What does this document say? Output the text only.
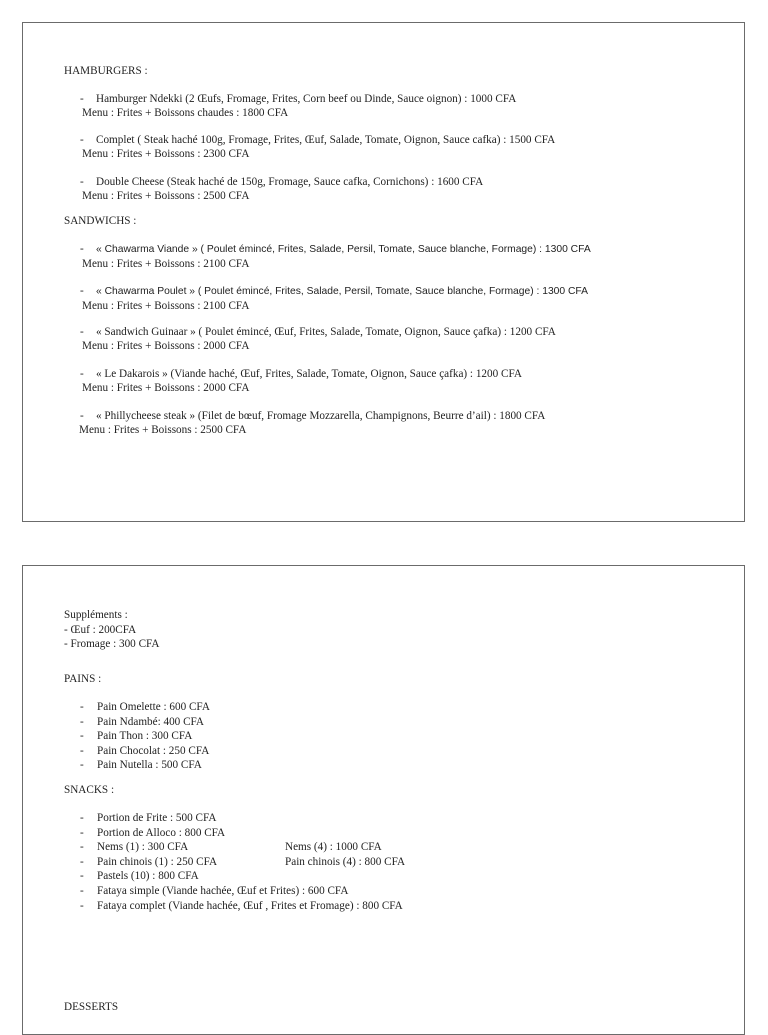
HAMBURGERS :
- Hamburger Ndekki (2 Œufs, Fromage, Frites, Corn beef ou Dinde, Sauce oignon) : 1000 CFA
Menu : Frites + Boissons chaudes : 1800 CFA
- Complet ( Steak haché 100g, Fromage, Frites, Œuf, Salade, Tomate, Oignon, Sauce cafka) : 1500 CFA
Menu : Frites + Boissons : 2300 CFA
- Double Cheese (Steak haché de 150g, Fromage, Sauce cafka, Cornichons) : 1600 CFA
Menu : Frites + Boissons : 2500 CFA
SANDWICHS :
- « Chawarma Viande » ( Poulet émincé, Frites, Salade, Persil, Tomate, Sauce blanche, Formage) : 1300 CFA
Menu : Frites + Boissons : 2100 CFA
- « Chawarma Poulet » ( Poulet émincé, Frites, Salade, Persil, Tomate, Sauce blanche, Formage) : 1300 CFA
Menu : Frites + Boissons : 2100 CFA
- « Sandwich Guinaar » ( Poulet émincé, Œuf, Frites, Salade, Tomate, Oignon, Sauce çafka) : 1200 CFA
Menu : Frites + Boissons : 2000 CFA
- « Le Dakarois » (Viande haché, Œuf, Frites, Salade, Tomate, Oignon, Sauce çafka) : 1200 CFA
Menu : Frites + Boissons : 2000 CFA
- « Phillycheese steak » (Filet de bœuf, Fromage Mozzarella, Champignons, Beurre d’ail) : 1800 CFA
Menu : Frites + Boissons : 2500 CFA
Suppléments :
- Œuf : 200CFA
- Fromage : 300 CFA
PAINS :
- Pain Omelette : 600 CFA
- Pain Ndambé: 400 CFA
- Pain Thon : 300 CFA
- Pain Chocolat : 250 CFA
- Pain Nutella : 500 CFA
SNACKS :
- Portion de Frite : 500 CFA
- Portion de Alloco : 800 CFA
- Nems (1) : 300 CFA	Nems (4) : 1000 CFA
- Pain chinois (1) : 250 CFA	Pain chinois (4) : 800 CFA
- Pastels (10) : 800 CFA
- Fataya simple (Viande hachée, Œuf et Frites) : 600 CFA
- Fataya complet (Viande hachée, Œuf , Frites et Fromage) : 800 CFA
DESSERTS
